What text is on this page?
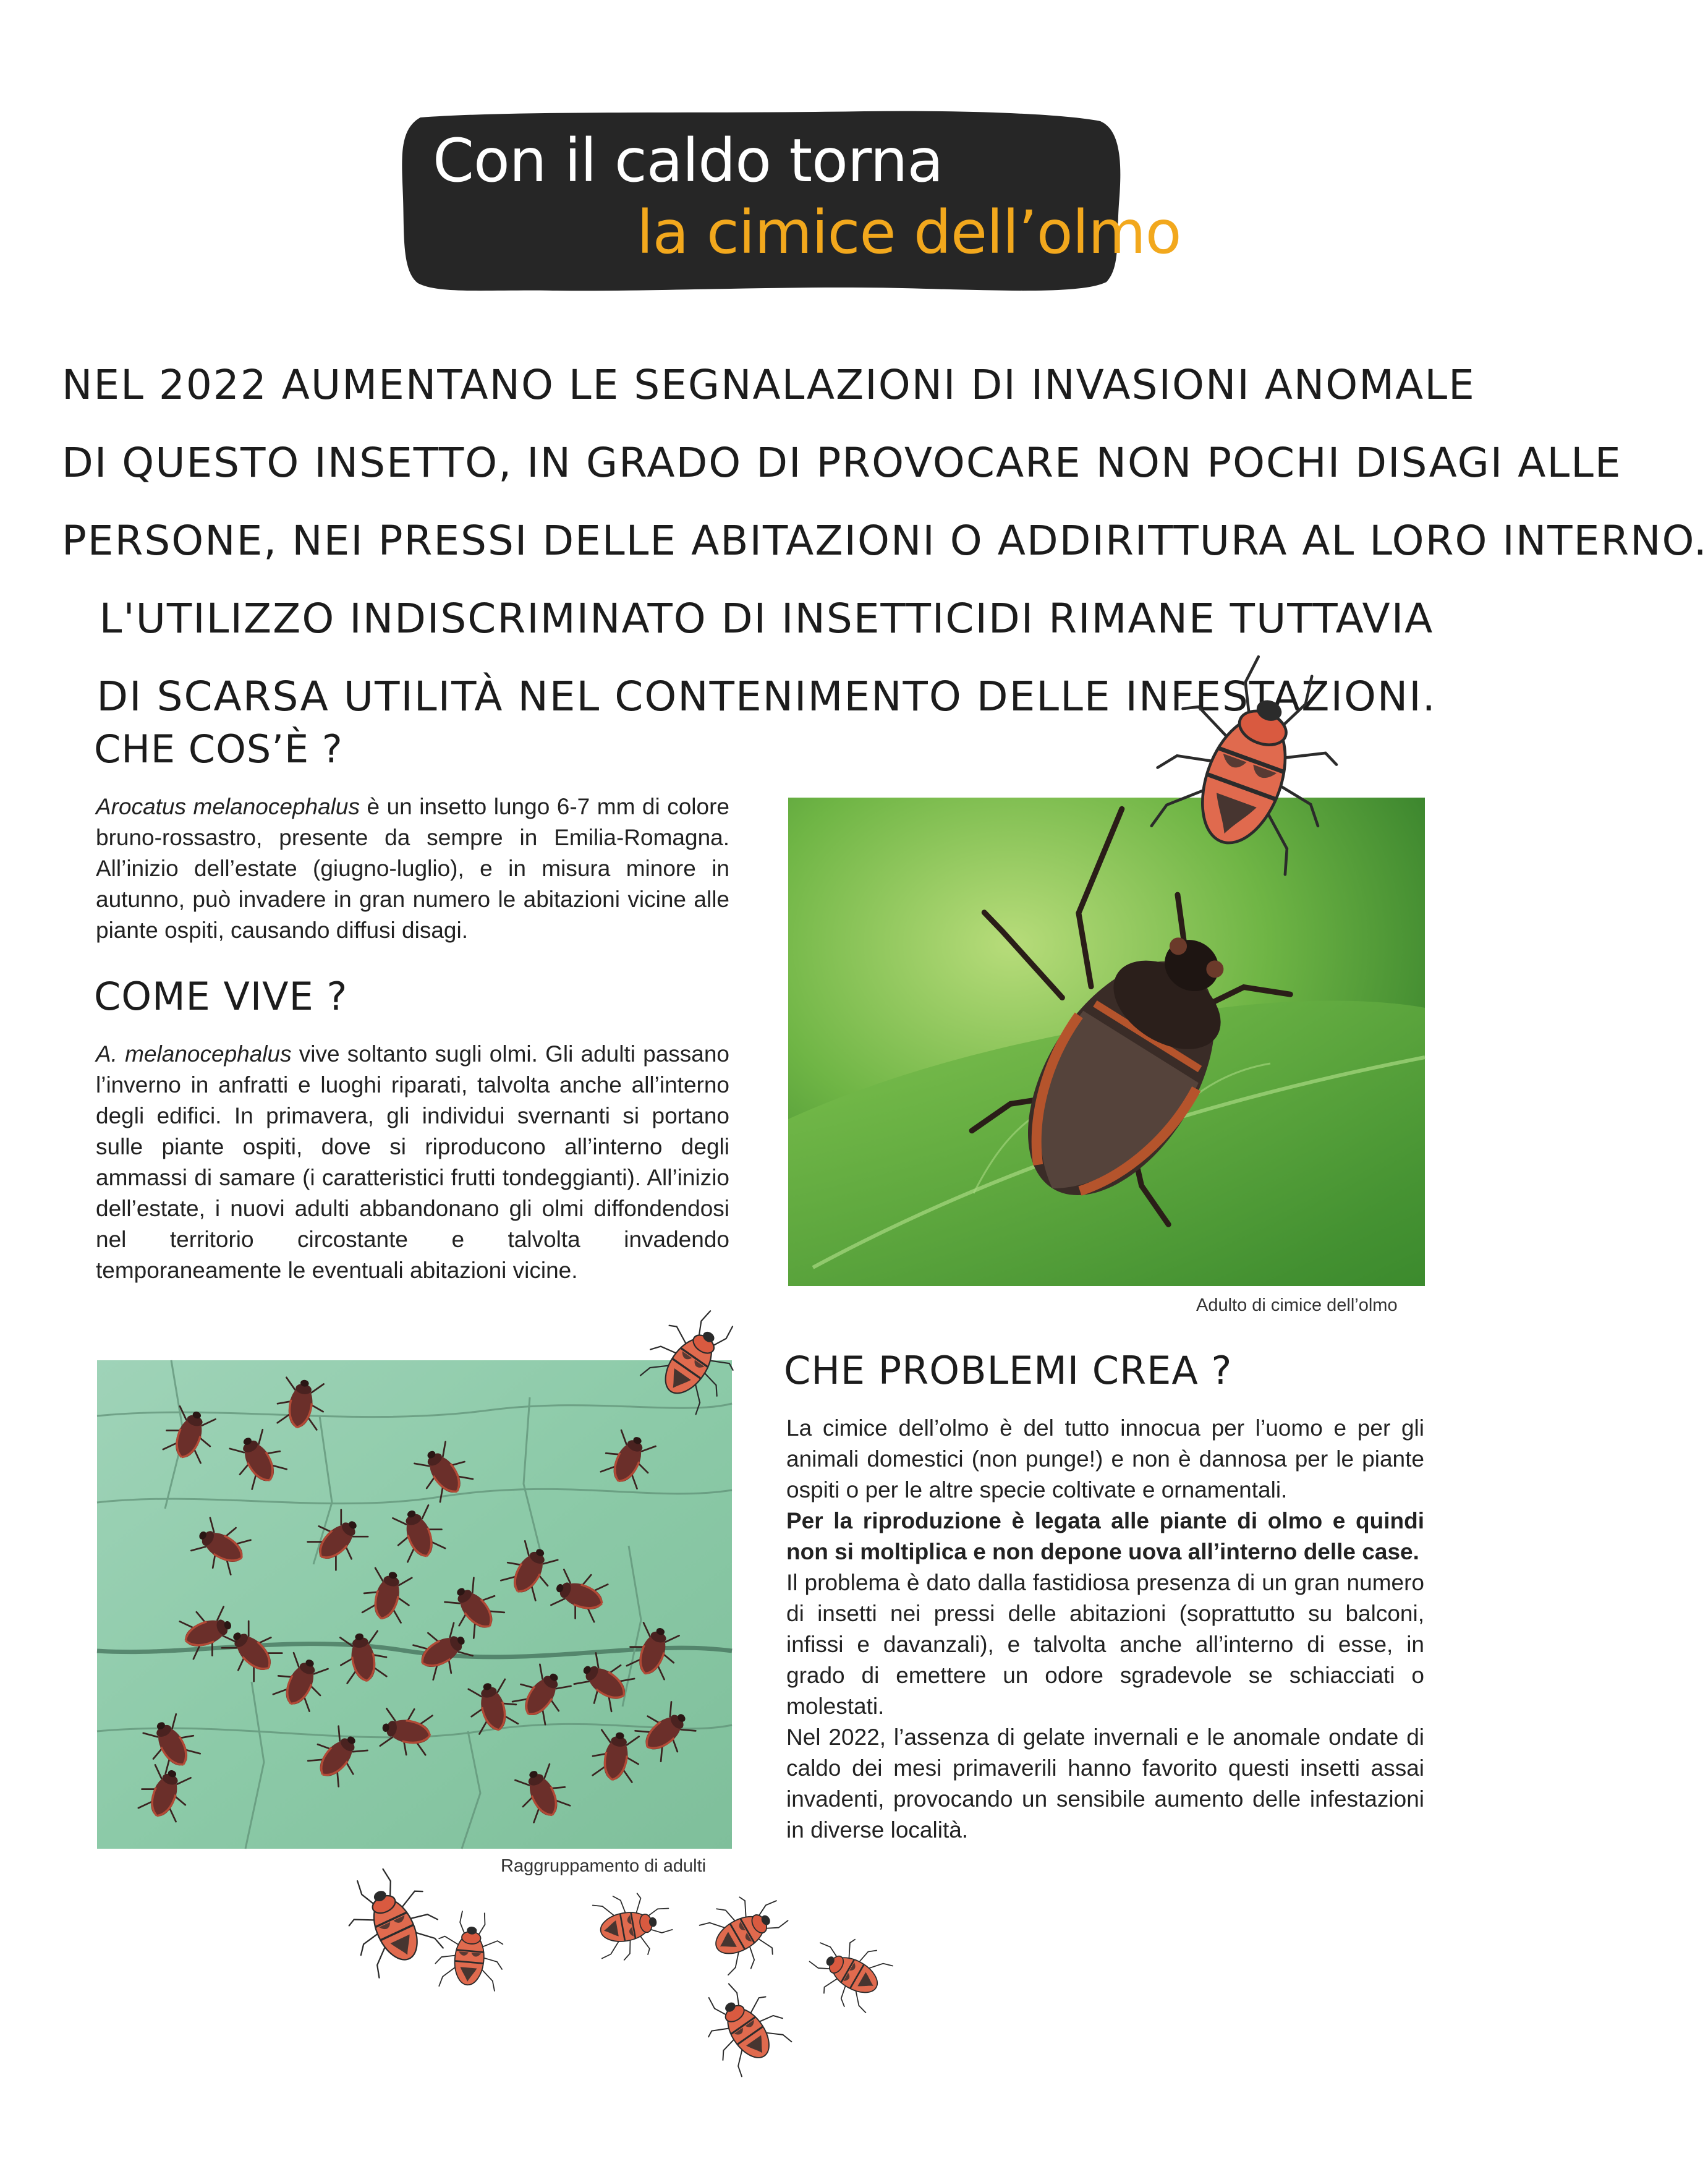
Con il caldo torna
la cimice dell’olmo
NEL 2022 AUMENTANO LE SEGNALAZIONI DI INVASIONI ANOMALE
DI QUESTO INSETTO, IN GRADO DI PROVOCARE NON POCHI DISAGI ALLE
PERSONE, NEI PRESSI DELLE ABITAZIONI O ADDIRITTURA AL LORO INTERNO.
L'UTILIZZO INDISCRIMINATO DI INSETTICIDI RIMANE TUTTAVIA
DI SCARSA UTILITÀ NEL CONTENIMENTO DELLE INFESTAZIONI.
CHE COS’È ?

Arocatus melanocephalus è un insetto lungo 6-7 mm di colore bruno-rossastro, presente da sempre in Emilia-Romagna. All’inizio dell’estate (giugno-luglio), e in misura minore in autunno, può invadere in gran numero le abitazioni vicine alle piante ospiti, causando diffusi disagi.

COME VIVE ?

A. melanocephalus vive soltanto sugli olmi. Gli adulti passano l’inverno in anfratti e luoghi riparati, talvolta anche all’interno degli edifici. In primavera, gli individui svernanti si portano sulle piante ospiti, dove si riproducono all’interno degli ammassi di samare (i caratteristici frutti tondeggianti). All’inizio dell’estate, i nuovi adulti abbandonano gli olmi diffondendosi nel territorio circostante e talvolta invadendo temporaneamente le eventuali abitazioni vicine.

Adulto di cimice dell’olmo
Raggruppamento di adulti
CHE PROBLEMI CREA ?

La cimice dell’olmo è del tutto innocua per l’uomo e per gli animali domestici (non punge!) e non è dannosa per le piante ospiti o per le altre specie coltivate e ornamentali.

Per la riproduzione è legata alle piante di olmo e quindi non si moltiplica e non depone uova all’interno delle case.

Il problema è dato dalla fastidiosa presenza di un gran numero di insetti nei pressi delle abitazioni (soprattutto su balconi, infissi e davanzali), e talvolta anche all’interno di esse, in grado di emettere un odore sgradevole se schiacciati o molestati.

Nel 2022, l’assenza di gelate invernali e le anomale ondate di caldo dei mesi primaverili hanno favorito questi insetti assai invadenti, provocando un sensibile aumento delle infestazioni in diverse località.
